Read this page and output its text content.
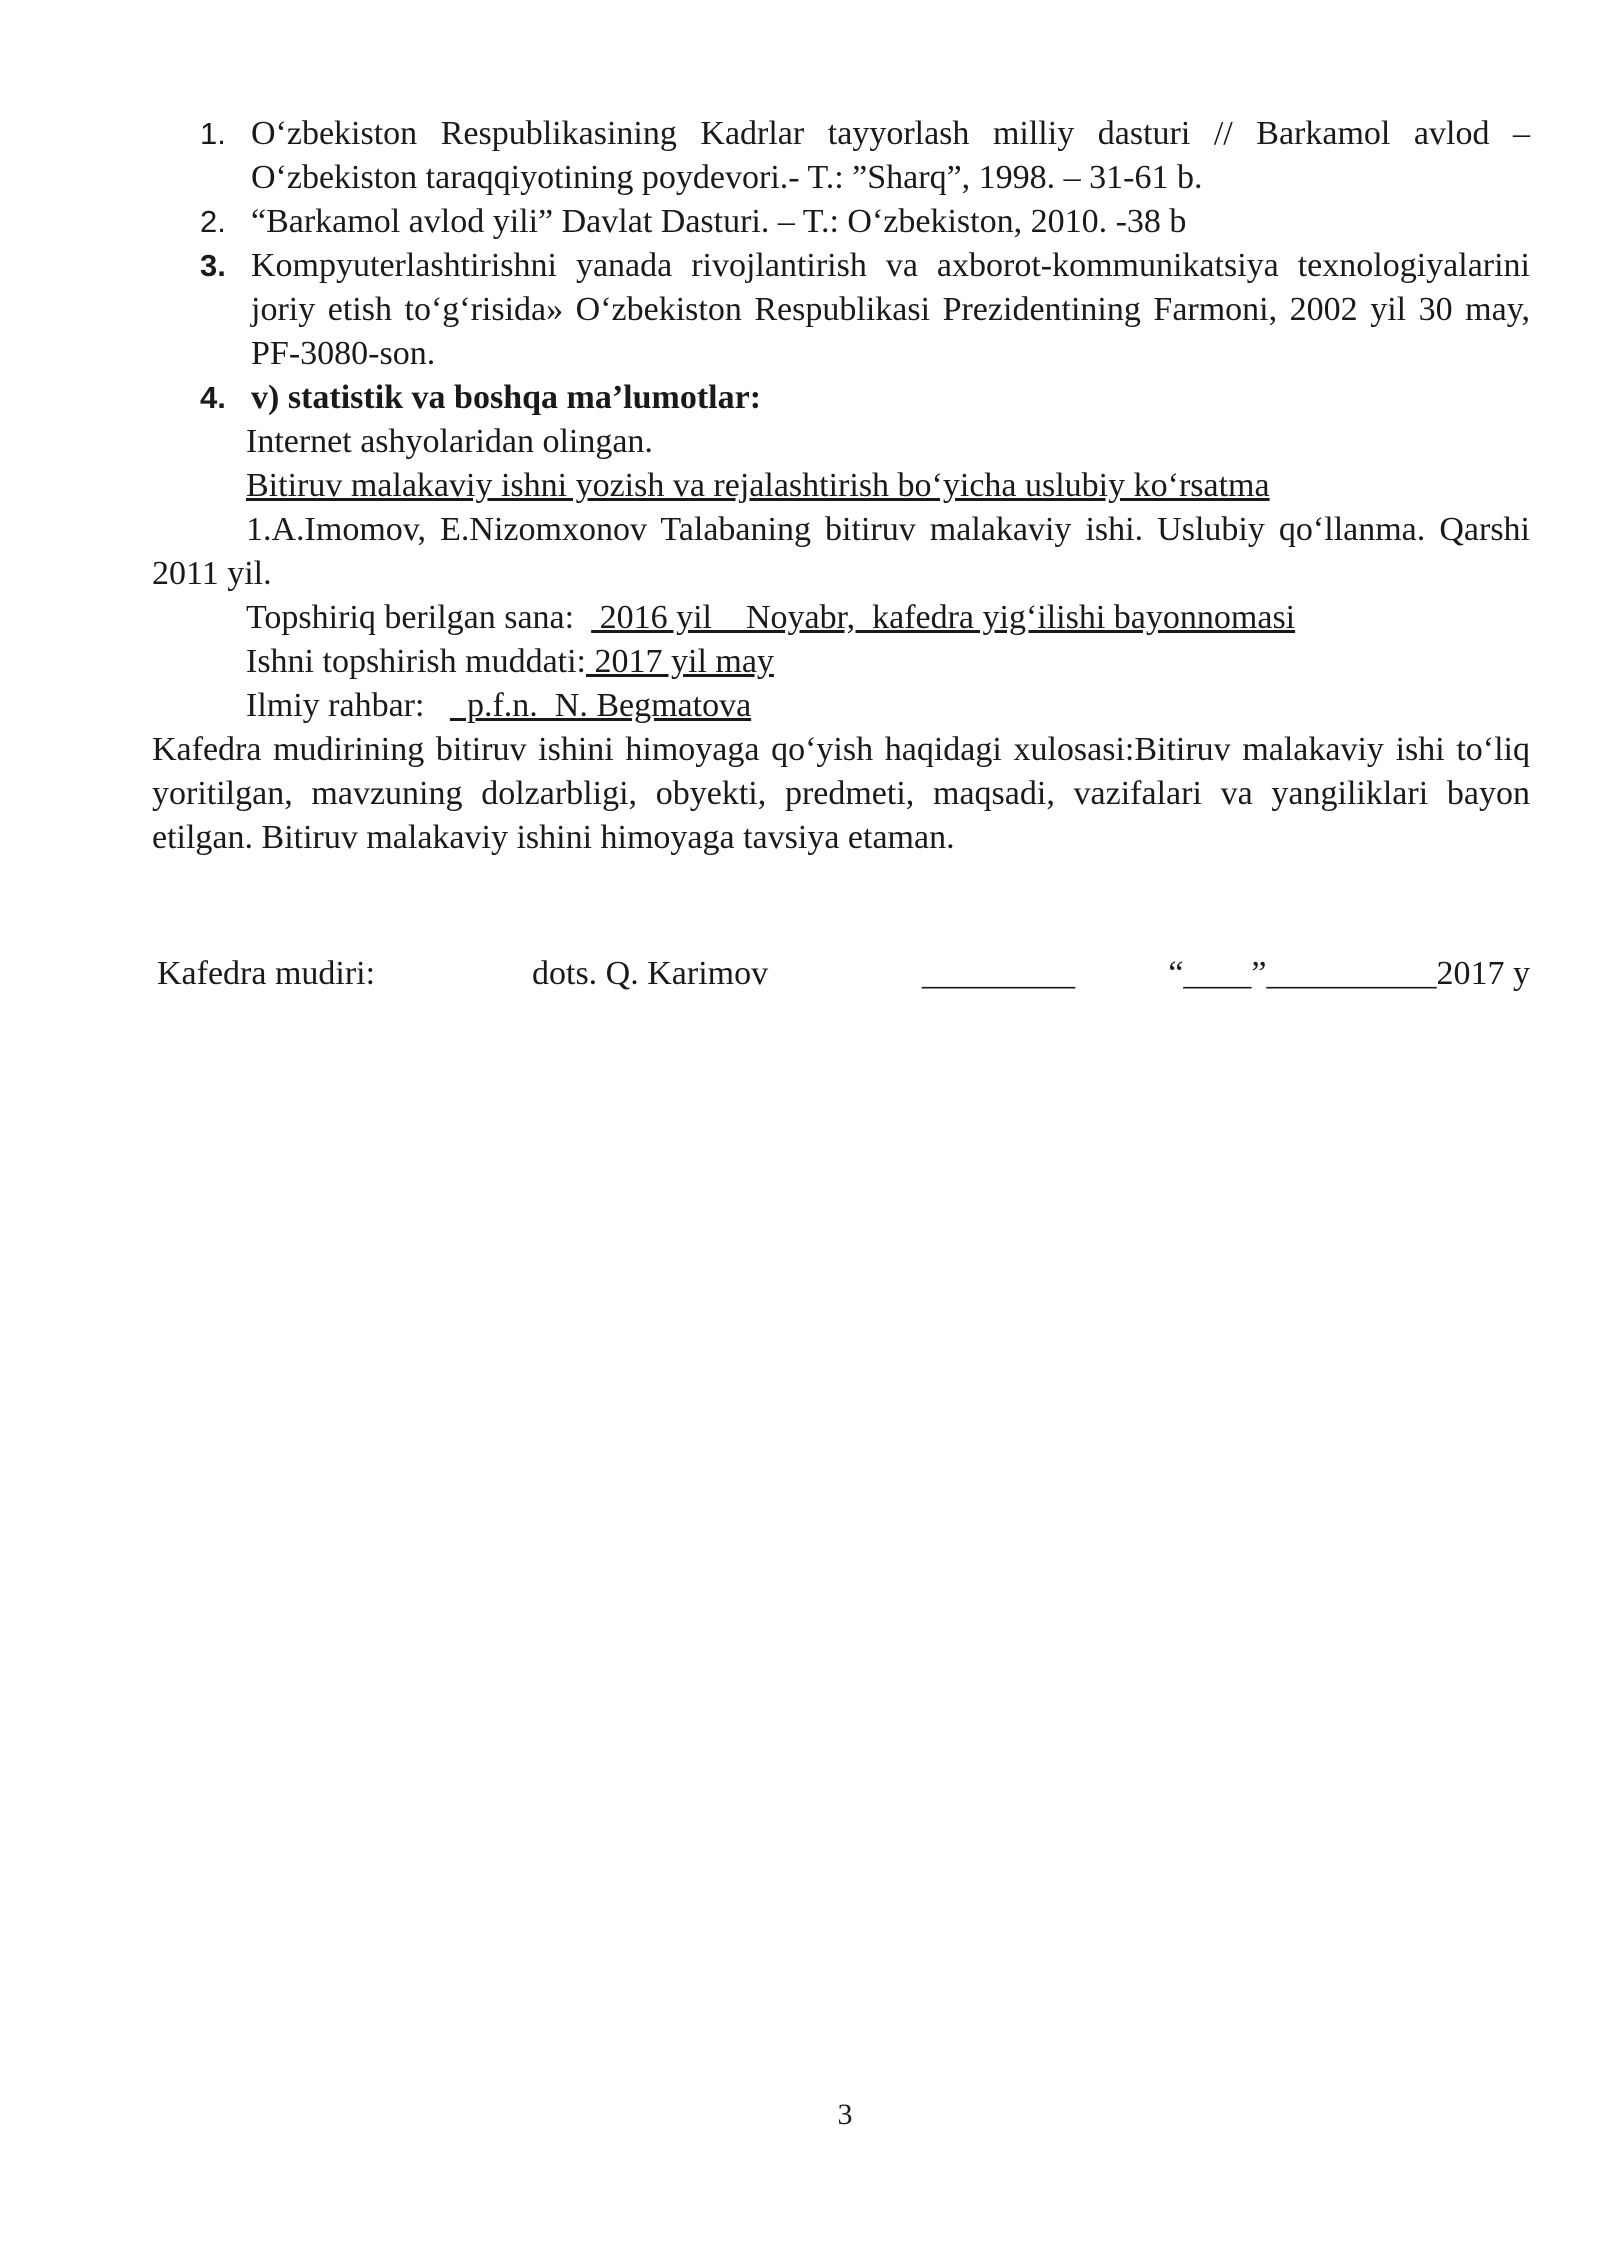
1. O‘zbekiston Respublikasining Kadrlar tayyorlash milliy dasturi // Barkamol avlod – O‘zbekiston taraqqiyotining poydevori.- T.: ”Sharq”, 1998. – 31-61 b.
2. “Barkamol avlod yili” Davlat Dasturi. – T.: O‘zbekiston, 2010. -38 b
3. Kompyuterlashtirishni yanada rivojlantirish va axborot-kommunikatsiya texnologiyalarini joriy etish to‘g‘risida» O‘zbekiston Respublikasi Prezidentining Farmoni, 2002 yil 30 may, PF-3080-son.
4. v) statistik va boshqa ma’lumotlar:

Internet ashyolaridan olingan.

Bitiruv malakaviy ishni yozish va rejalashtirish bo‘yicha uslubiy ko‘rsatma

1.A.Imomov, E.Nizomxonov Talabaning bitiruv malakaviy ishi. Uslubiy qo‘llanma. Qarshi 2011 yil.

Topshiriq berilgan sana:   2016 yil    Noyabr,  kafedra yig‘ilishi bayonnomasi

Ishni topshirish muddati: 2017 yil may

Ilmiy rahbar:     p.f.n.  N. Begmatova

Kafedra mudirining bitiruv ishini himoyaga qo‘yish haqidagi xulosasi:Bitiruv malakaviy ishi to‘liq yoritilgan, mavzuning dolzarbligi, obyekti, predmeti, maqsadi, vazifalari va yangiliklari bayon etilgan. Bitiruv malakaviy ishini himoyaga tavsiya etaman.

Kafedra mudiri:	dots. Q. Karimov	_________	“____”__________2017 y
3
